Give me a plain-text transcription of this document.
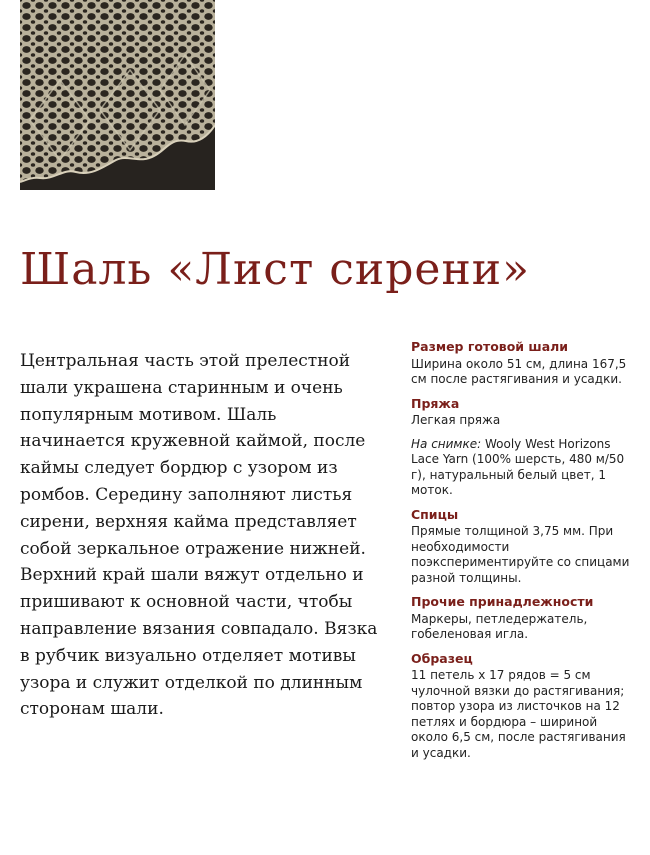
Шаль «Лист сирени»

Центральная часть этой прелестной шали украшена старинным и очень популярным мотивом. Шаль начинается кружевной каймой, после каймы следует бордюр с узором из ромбов. Середину заполняют листья сирени, верхняя кайма представляет собой зеркальное отражение нижней. Верхний край шали вяжут отдельно и пришивают к основной части, чтобы направление вязания совпадало. Вязка в рубчик визуально отделяет мотивы узора и служит отделкой по длинным сторонам шали.

Размер готовой шали

Ширина около 51 см, длина 167,5 см после растягивания и усадки.

Пряжа

Легкая пряжа

На снимке: Wooly West Horizons Lace Yarn (100% шерсть, 480 м/50 г), натуральный белый цвет, 1 моток.

Спицы

Прямые толщиной 3,75 мм. При необходимости поэкспериментируйте со спицами разной толщины.

Прочие принадлежности

Маркеры, петледержатель, гобеленовая игла.

Образец

11 петель x 17 рядов = 5 см чулочной вязки до растягивания; повтор узора из листочков на 12 петлях и бордюра – шириной около 6,5 см, после растягивания и усадки.
